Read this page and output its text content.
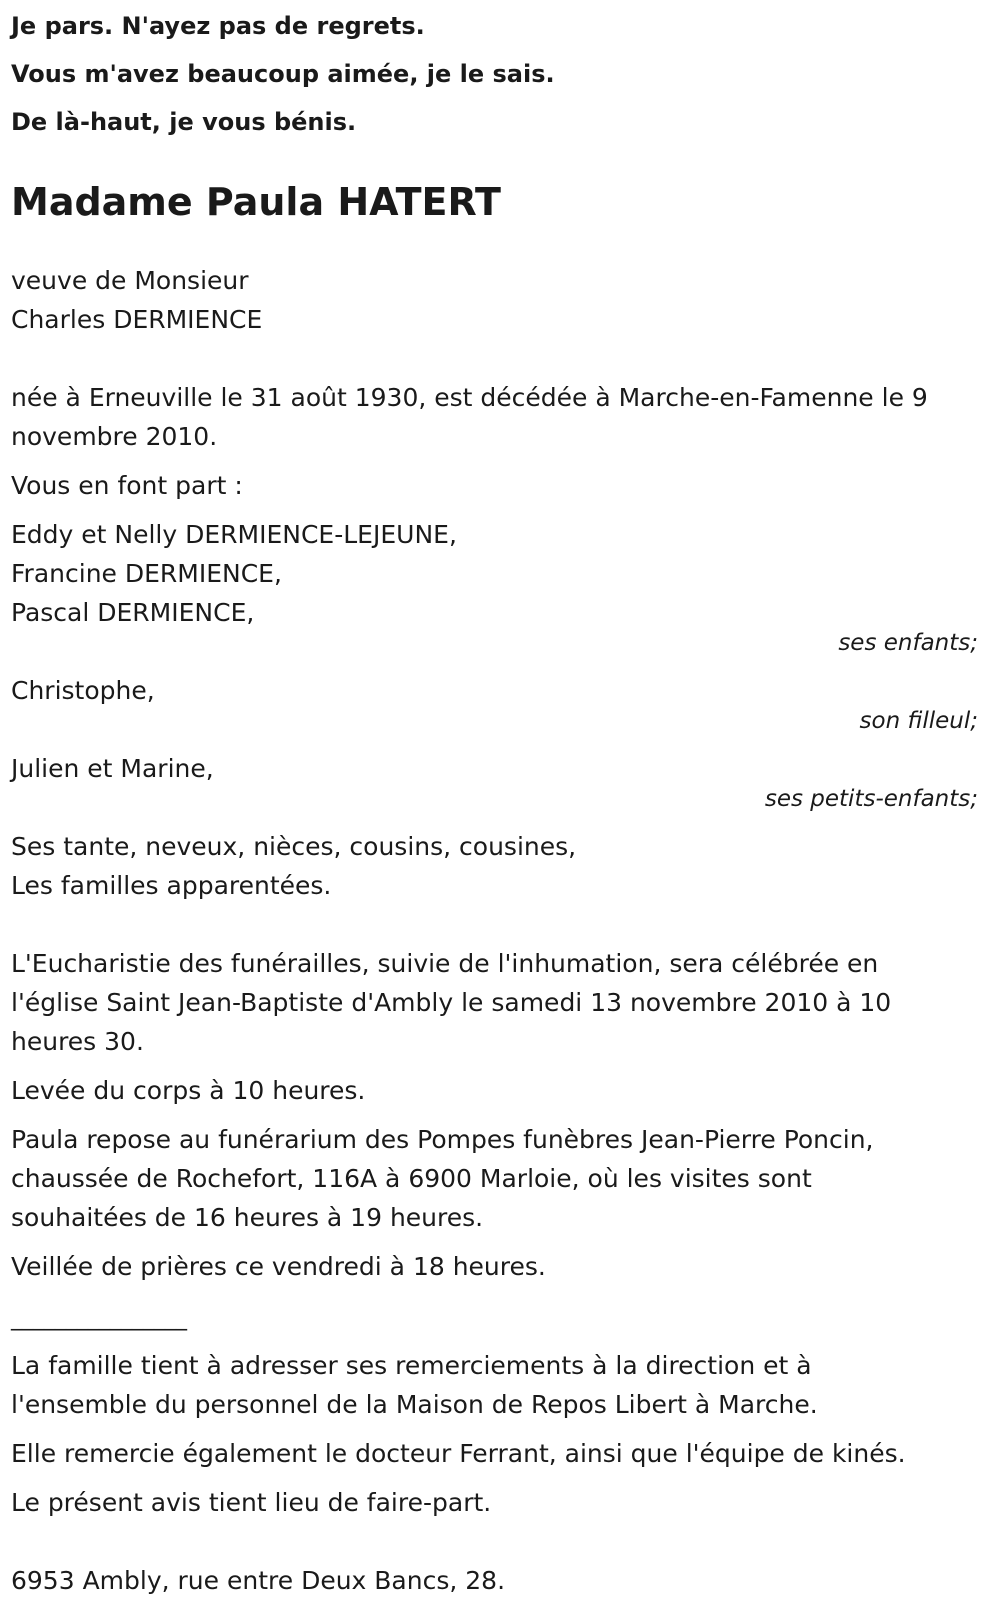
Je pars. N'ayez pas de regrets.

Vous m'avez beaucoup aimée, je le sais.

De là-haut, je vous bénis.

Madame Paula HATERT

veuve de Monsieur

Charles DERMIENCE

née à Erneuville le 31 août 1930, est décédée à Marche-en-Famenne le 9

novembre 2010.

Vous en font part :

Eddy et Nelly DERMIENCE-LEJEUNE,

Francine DERMIENCE,

Pascal DERMIENCE,

ses enfants;

Christophe,

son filleul;

Julien et Marine,

ses petits-enfants;

Ses tante, neveux, nièces, cousins, cousines,

Les familles apparentées.

L'Eucharistie des funérailles, suivie de l'inhumation, sera célébrée en

l'église Saint Jean-Baptiste d'Ambly le samedi 13 novembre 2010 à 10

heures 30.

Levée du corps à 10 heures.

Paula repose au funérarium des Pompes funèbres Jean-Pierre Poncin,

chaussée de Rochefort, 116A à 6900 Marloie, où les visites sont

souhaitées de 16 heures à 19 heures.

Veillée de prières ce vendredi à 18 heures.

________________

La famille tient à adresser ses remerciements à la direction et à

l'ensemble du personnel de la Maison de Repos Libert à Marche.

Elle remercie également le docteur Ferrant, ainsi que l'équipe de kinés.

Le présent avis tient lieu de faire-part.

6953 Ambly, rue entre Deux Bancs, 28.
